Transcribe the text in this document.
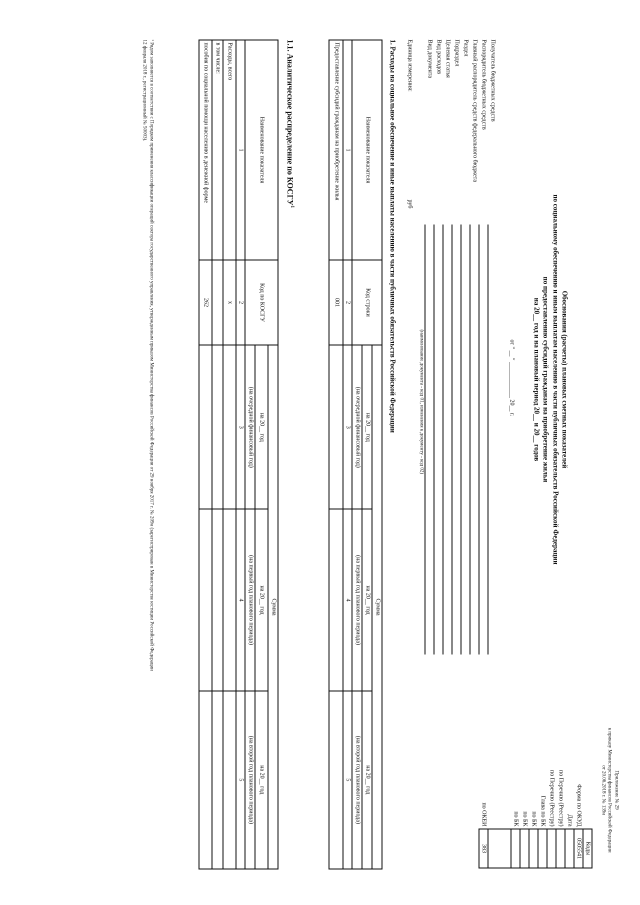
Приложение № 29
к приказу Министерства финансов Российской Федерации
от 20.06.2018 г. № 139н
Обоснования (расчеты) плановых сметных показателей
по социальному обеспечению и иным выплатам населению в части публичных обязательств Российской Федерации
по предоставлению субсидий гражданам на приобретение жилья
на 20__ год и на плановый период 20__ и 20__ годов
от " __ " ____________ 20__ г.
	Коды
Форма по ОКУД	0505541
Дата	
по Перечню (Реестру)	
по Перечню (Реестру)	
Глава по БК	
по БК	
по БК	
по БК	

по ОКЕИ	383
Получатель бюджетных средств
Распорядитель бюджетных средств
Главный распорядитель средств федерального бюджета
Раздел
Подраздел
Целевая статья
Вид расходов
Вид документа
(наименование документа - код 01, изменения к документу - код 02)
Единица измерения:
руб
1. Расходы на социальное обеспечение и иные выплаты населению в части публичных обязательств Российской Федерации
Наименование показателя	Код строки	Сумма		
		на 20__ год	на 20__ год	на 20__ год
		(на очередной финансовый год)	(на первый год планового периода)	(на второй год планового периода)
1	2	3	4	5
Предоставление субсидий гражданам на приобретение жилья	001			
1.1. Аналитическое распределение по КОСГУ$^1$
Наименование показателя	Код по КОСГУ	Сумма		
		на 20__ год	на 20__ год	на 20__ год
		(на очередной финансовый год)	(на первый год планового периода)	(на второй год планового периода)
1	2	3	4	5
Расходы, всего	x			
в том числе:				
пособия по социальной помощи населению в денежной форме	262			
¹ Рядом заполняется в соответствии с Порядком применения классификации операций сектора государственного управления, утвержденным приказом Министерства финансов Российской Федерации от 29 ноября 2017 г. № 209н (зарегистрирован в Министерстве юстиции Российской Федерации
12 февраля 2018 г., регистрационный № 50003).
